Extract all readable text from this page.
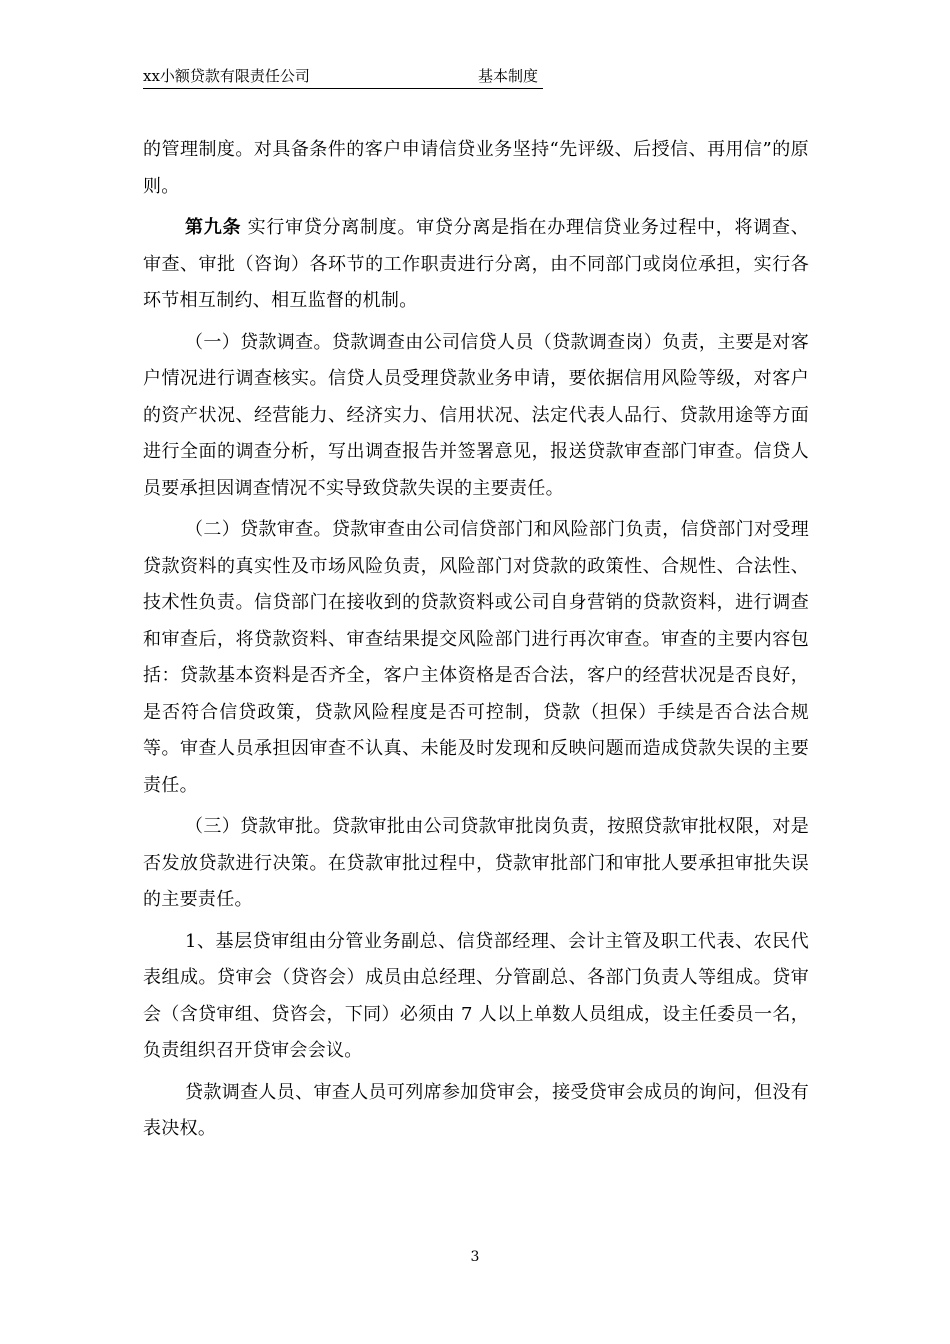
xx小额贷款有限责任公司	基本制度

的管理制度。对具备条件的客户申请信贷业务坚持“先评级、后授信、再用信”的原则。

第九条 实行审贷分离制度。审贷分离是指在办理信贷业务过程中，将调查、审查、审批（咨询）各环节的工作职责进行分离，由不同部门或岗位承担，实行各环节相互制约、相互监督的机制。

（一）贷款调查。贷款调查由公司信贷人员（贷款调查岗）负责，主要是对客户情况进行调查核实。信贷人员受理贷款业务申请，要依据信用风险等级，对客户的资产状况、经营能力、经济实力、信用状况、法定代表人品行、贷款用途等方面进行全面的调查分析，写出调查报告并签署意见，报送贷款审查部门审查。信贷人员要承担因调查情况不实导致贷款失误的主要责任。

（二）贷款审查。贷款审查由公司信贷部门和风险部门负责，信贷部门对受理贷款资料的真实性及市场风险负责，风险部门对贷款的政策性、合规性、合法性、技术性负责。信贷部门在接收到的贷款资料或公司自身营销的贷款资料，进行调查和审查后，将贷款资料、审查结果提交风险部门进行再次审查。审查的主要内容包括：贷款基本资料是否齐全，客户主体资格是否合法，客户的经营状况是否良好，是否符合信贷政策，贷款风险程度是否可控制，贷款（担保）手续是否合法合规等。审查人员承担因审查不认真、未能及时发现和反映问题而造成贷款失误的主要责任。

（三）贷款审批。贷款审批由公司贷款审批岗负责，按照贷款审批权限，对是否发放贷款进行决策。在贷款审批过程中，贷款审批部门和审批人要承担审批失误的主要责任。

1、基层贷审组由分管业务副总、信贷部经理、会计主管及职工代表、农民代表组成。贷审会（贷咨会）成员由总经理、分管副总、各部门负责人等组成。贷审会（含贷审组、贷咨会，下同）必须由 7 人以上单数人员组成，设主任委员一名，负责组织召开贷审会会议。

贷款调查人员、审查人员可列席参加贷审会，接受贷审会成员的询问，但没有表决权。

3
